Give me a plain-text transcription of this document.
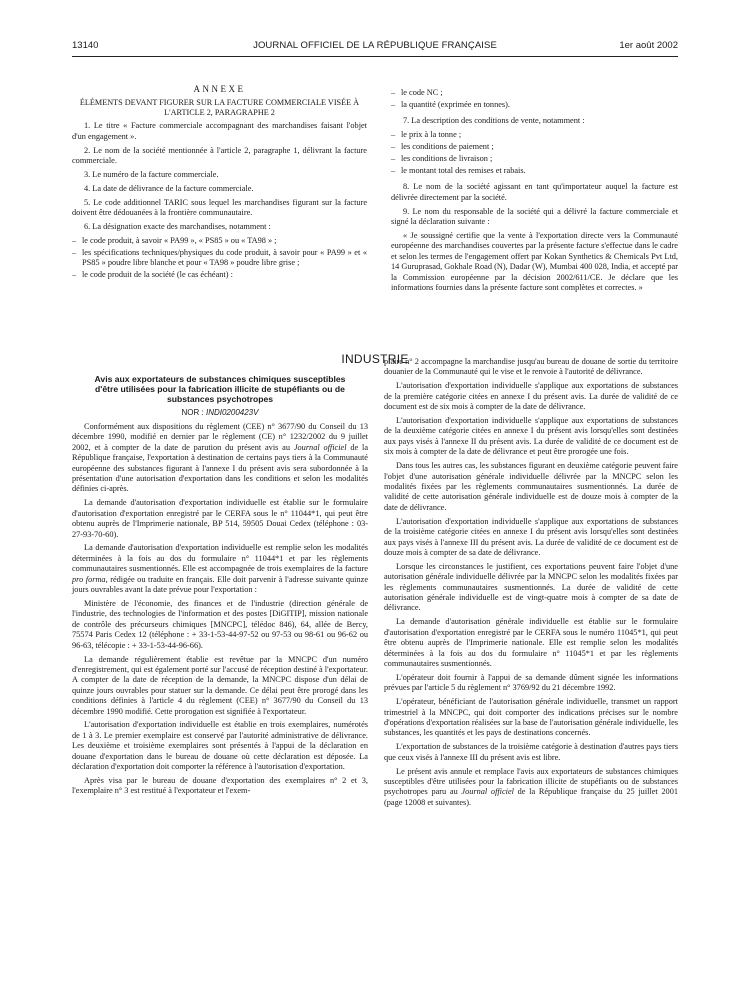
13140	JOURNAL OFFICIEL DE LA RÉPUBLIQUE FRANÇAISE	1er août 2002

ANNEXE

ÉLÉMENTS DEVANT FIGURER SUR LA FACTURE COMMERCIALE VISÉE À L'ARTICLE 2, PARAGRAPHE 2

1. Le titre « Facture commerciale accompagnant des marchandises faisant l'objet d'un engagement ».

2. Le nom de la société mentionnée à l'article 2, paragraphe 1, délivrant la facture commerciale.

3. Le numéro de la facture commerciale.

4. La date de délivrance de la facture commerciale.

5. Le code additionnel TARIC sous lequel les marchandises figurant sur la facture doivent être dédouanées à la frontière communautaire.

6. La désignation exacte des marchandises, notamment :

– le code produit, à savoir « PA99 », « PS85 » ou « TA98 » ;

– les spécifications techniques/physiques du code produit, à savoir pour « PA99 » et « PS85 » poudre libre blanche et pour « TA98 » poudre libre grise ;

– le code produit de la société (le cas échéant) :

– le code NC ;

– la quantité (exprimée en tonnes).

7. La description des conditions de vente, notamment :

– le prix à la tonne ;

– les conditions de paiement ;

– les conditions de livraison ;

– le montant total des remises et rabais.

8. Le nom de la société agissant en tant qu'importateur auquel la facture est délivrée directement par la société.

9. Le nom du responsable de la société qui a délivré la facture commerciale et signé la déclaration suivante :

« Je soussigné certifie que la vente à l'exportation directe vers la Communauté européenne des marchandises couvertes par la présente facture s'effectue dans le cadre et selon les termes de l'engagement offert par Kokan Synthetics & Chemicals Pvt Ltd, 14 Guruprasad, Gokhale Road (N), Dadar (W), Mumbai 400 028, India, et accepté par la Commission européenne par la décision 2002/611/CE. Je déclare que les informations fournies dans la présente facture sont complètes et correctes. »

INDUSTRIE

Avis aux exportateurs de substances chimiques susceptibles d'être utilisées pour la fabrication illicite de stupéfiants ou de substances psychotropes

NOR : INDI0200423V

Conformément aux dispositions du règlement (CEE) n° 3677/90 du Conseil du 13 décembre 1990, modifié en dernier par le règlement (CE) n° 1232/2002 du 9 juillet 2002, et à compter de la date de parution du présent avis au Journal officiel de la République française, l'exportation à destination de certains pays tiers à la Communauté européenne des substances figurant à l'annexe I du présent avis sera subordonnée à la présentation d'une autorisation d'exportation dans les conditions et selon les modalités définies ci-après.

La demande d'autorisation d'exportation individuelle est établie sur le formulaire d'autorisation d'exportation enregistré par le CERFA sous le n° 11044*1, qui peut être obtenu auprès de l'Imprimerie nationale, BP 514, 59505 Douai Cedex (téléphone : 03-27-93-70-60).

La demande d'autorisation d'exportation individuelle est remplie selon les modalités déterminées à la fois au dos du formulaire n° 11044*1 et par les règlements communautaires susmentionnés. Elle est accompagnée de trois exemplaires de la facture pro forma, rédigée ou traduite en français. Elle doit parvenir à l'adresse suivante quinze jours ouvrables avant la date prévue pour l'exportation :

Ministère de l'économie, des finances et de l'industrie (direction générale de l'industrie, des technologies de l'information et des postes [DiGITIP], mission nationale de contrôle des précurseurs chimiques [MNCPC], télédoc 846), 64, allée de Bercy, 75574 Paris Cedex 12 (téléphone : + 33-1-53-44-97-52 ou 97-53 ou 98-61 ou 96-62 ou 96-63, télécopie : + 33-1-53-44-96-66).

La demande régulièrement établie est revêtue par la MNCPC d'un numéro d'enregistrement, qui est également porté sur l'accusé de réception destiné à l'exportateur. A compter de la date de réception de la demande, la MNCPC dispose d'un délai de quinze jours ouvrables pour statuer sur la demande. Ce délai peut être prorogé dans les conditions définies à l'article 4 du règlement (CEE) n° 3677/90 du Conseil du 13 décembre 1990 modifié. Cette prorogation est signifiée à l'exportateur.

L'autorisation d'exportation individuelle est établie en trois exemplaires, numérotés de 1 à 3. Le premier exemplaire est conservé par l'autorité administrative de délivrance. Les deuxième et troisième exemplaires sont présentés à l'appui de la déclaration en douane d'exportation dans le bureau de douane où cette déclaration est déposée. La déclaration d'exportation doit comporter la référence à l'autorisation d'exportation.

Après visa par le bureau de douane d'exportation des exemplaires n° 2 et 3, l'exemplaire n° 3 est restitué à l'exportateur et l'exem-

plaire n° 2 accompagne la marchandise jusqu'au bureau de douane de sortie du territoire douanier de la Communauté qui le vise et le renvoie à l'autorité de délivrance.

L'autorisation d'exportation individuelle s'applique aux exportations de substances de la première catégorie citées en annexe I du présent avis. La durée de validité de ce document est de six mois à compter de la date de délivrance.

L'autorisation d'exportation individuelle s'applique aux exportations de substances de la deuxième catégorie citées en annexe I du présent avis lorsqu'elles sont destinées aux pays visés à l'annexe II du présent avis. La durée de validité de ce document est de six mois à compter de la date de délivrance et peut être prorogée une fois.

Dans tous les autres cas, les substances figurant en deuxième catégorie peuvent faire l'objet d'une autorisation générale individuelle délivrée par la MNCPC selon les modalités fixées par les règlements communautaires susmentionnés. La durée de validité de cette autorisation générale individuelle est de douze mois à compter de la date de délivrance.

L'autorisation d'exportation individuelle s'applique aux exportations de substances de la troisième catégorie citées en annexe I du présent avis lorsqu'elles sont destinées aux pays visés à l'annexe III du présent avis. La durée de validité de ce document est de douze mois à compter de sa date de délivrance.

Lorsque les circonstances le justifient, ces exportations peuvent faire l'objet d'une autorisation générale individuelle délivrée par la MNCPC selon les modalités fixées par les règlements communautaires susmentionnés. La durée de validité de cette autorisation générale individuelle est de vingt-quatre mois à compter de sa date de délivrance.

La demande d'autorisation générale individuelle est établie sur le formulaire d'autorisation d'exportation enregistré par le CERFA sous le numéro 11045*1, qui peut être obtenu auprès de l'Imprimerie nationale. Elle est remplie selon les modalités déterminées à la fois au dos du formulaire n° 11045*1 et par les règlements communautaires susmentionnés.

L'opérateur doit fournir à l'appui de sa demande dûment signée les informations prévues par l'article 5 du règlement n° 3769/92 du 21 décembre 1992.

L'opérateur, bénéficiant de l'autorisation générale individuelle, transmet un rapport trimestriel à la MNCPC, qui doit comporter des indications précises sur le nombre d'opérations d'exportation réalisées sur la base de l'autorisation générale individuelle, les substances, les quantités et les pays de destinations concernés.

L'exportation de substances de la troisième catégorie à destination d'autres pays tiers que ceux visés à l'annexe III du présent avis est libre.

Le présent avis annule et remplace l'avis aux exportateurs de substances chimiques susceptibles d'être utilisées pour la fabrication illicite de stupéfiants ou de substances psychotropes paru au Journal officiel de la République française du 25 juillet 2001 (page 12008 et suivantes).
